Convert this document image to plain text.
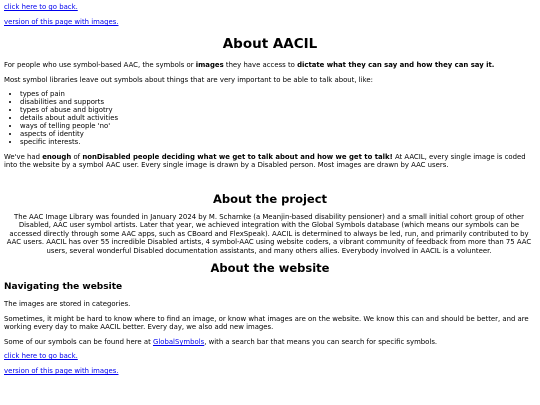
click here to go back.
version of this page with images.
About AACIL

For people who use symbol-based AAC, the symbols or images they have access to dictate what they can say and how they can say it.

Most symbol libraries leave out symbols about things that are very important to be able to talk about, like:

• types of pain
• disabilities and supports
• types of abuse and bigotry
• details about adult activities
• ways of telling people 'no'
• aspects of identity
• specific interests.

We've had enough of nonDisabled people deciding what we get to talk about and how we get to talk! At AACIL, every single image is coded into the website by a symbol AAC user. Every single image is drawn by a Disabled person. Most images are drawn by AAC users.

About the project

The AAC Image Library was founded in January 2024 by M. Scharnke (a Meanjin-based disability pensioner) and a small initial cohort group of other Disabled, AAC user symbol artists. Later that year, we achieved integration with the Global Symbols database (which means our symbols can be accessed directly through some AAC apps, such as CBoard and FlexSpeak). AACIL is determined to always be led, run, and primarily contributed to by AAC users. AACIL has over 55 incredible Disabled artists, 4 symbol-AAC using website coders, a vibrant community of feedback from more than 75 AAC users, several wonderful Disabled documentation assistants, and many others allies. Everybody involved in AACIL is a volunteer.

About the website
Navigating the website

The images are stored in categories.

Sometimes, it might be hard to know where to find an image, or know what images are on the website. We know this can and should be better, and are working every day to make AACIL better. Every day, we also add new images.

Some of our symbols can be found here at GlobalSymbols, with a search bar that means you can search for specific symbols.

click here to go back.
version of this page with images.
